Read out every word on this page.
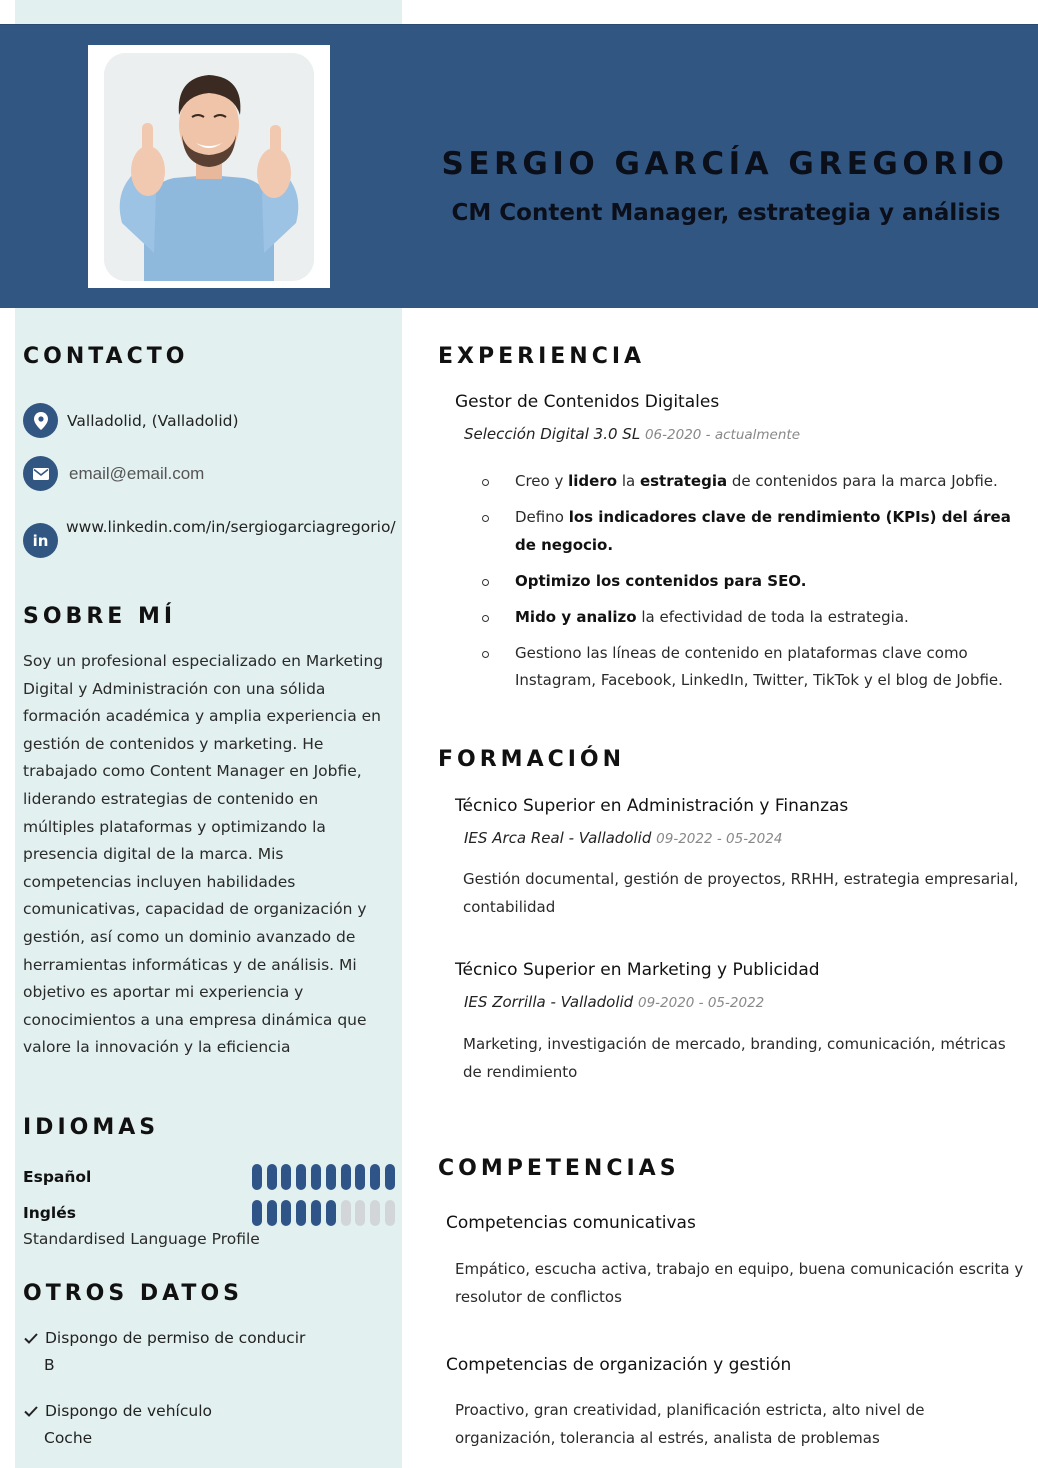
SERGIO GARCÍA GREGORIO
CM Content Manager, estrategia y análisis
CONTACTO
Valladolid, (Valladolid)
email@email.com
in
www.linkedin.com/in/sergiogarciagregorio/
SOBRE MÍ
Soy un profesional especializado en Marketing Digital y Administración con una sólida formación académica y amplia experiencia en gestión de contenidos y marketing. He trabajado como Content Manager en Jobfie, liderando estrategias de contenido en múltiples plataformas y optimizando la presencia digital de la marca. Mis competencias incluyen habilidades comunicativas, capacidad de organización y gestión, así como un dominio avanzado de herramientas informáticas y de análisis. Mi objetivo es aportar mi experiencia y conocimientos a una empresa dinámica que valore la innovación y la eficiencia
IDIOMAS
Español
Inglés
Standardised Language Profile
OTROS DATOS
Dispongo de permiso de conducir
B
Dispongo de vehículo
Coche
EXPERIENCIA
Gestor de Contenidos Digitales
Selección Digital 3.0 SL 06-2020 - actualmente
Creo y lidero la estrategia de contenidos para la marca Jobfie.
Defino los indicadores clave de rendimiento (KPIs) del área de negocio.
Optimizo los contenidos para SEO.
Mido y analizo la efectividad de toda la estrategia.
Gestiono las líneas de contenido en plataformas clave como Instagram, Facebook, LinkedIn, Twitter, TikTok y el blog de Jobfie.
FORMACIÓN
Técnico Superior en Administración y Finanzas
IES Arca Real - Valladolid 09-2022 - 05-2024
Gestión documental, gestión de proyectos, RRHH, estrategia empresarial, contabilidad
Técnico Superior en Marketing y Publicidad
IES Zorrilla - Valladolid 09-2020 - 05-2022
Marketing, investigación de mercado, branding, comunicación, métricas de rendimiento
COMPETENCIAS
Competencias comunicativas
Empático, escucha activa, trabajo en equipo, buena comunicación escrita y resolutor de conflictos
Competencias de organización y gestión
Proactivo, gran creatividad, planificación estricta, alto nivel de organización, tolerancia al estrés, analista de problemas
